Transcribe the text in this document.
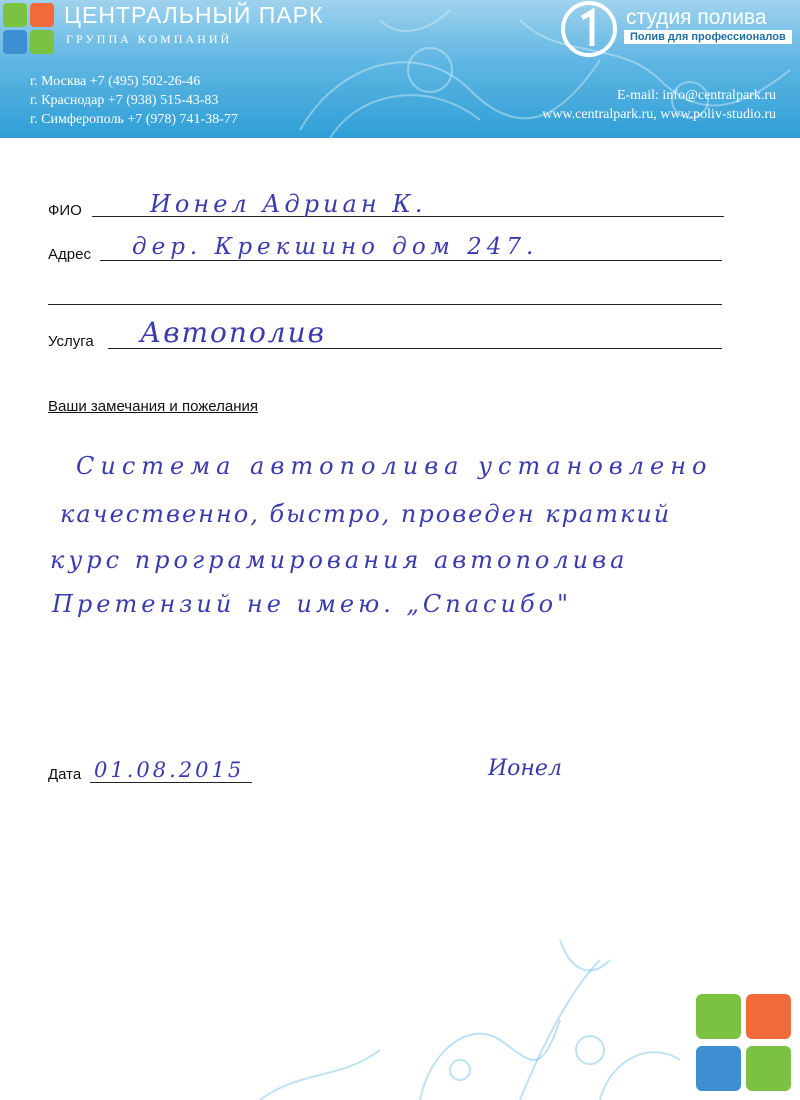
ЦЕНТРАЛЬНЫЙ ПАРК
ГРУППА КОМПАНИЙ
студия полива
Полив для профессионалов
г. Москва +7 (495) 502-26-46
г. Краснодар +7 (938) 515-43-83
г. Симферополь +7 (978) 741-38-77
E-mail: info@centralpark.ru
www.centralpark.ru, www.poliv-studio.ru
ФИО	Ионел Адриан К.
Адрес дер. Крекшино дом 247.
Услуга Автополив
Ваши замечания и пожелания
Система автополива установлено
качественно, быстро, проведен краткий
курс програмирования автополива
Претензий не имею. „Спасибо"
Дата 01.08.2015	Ионел
